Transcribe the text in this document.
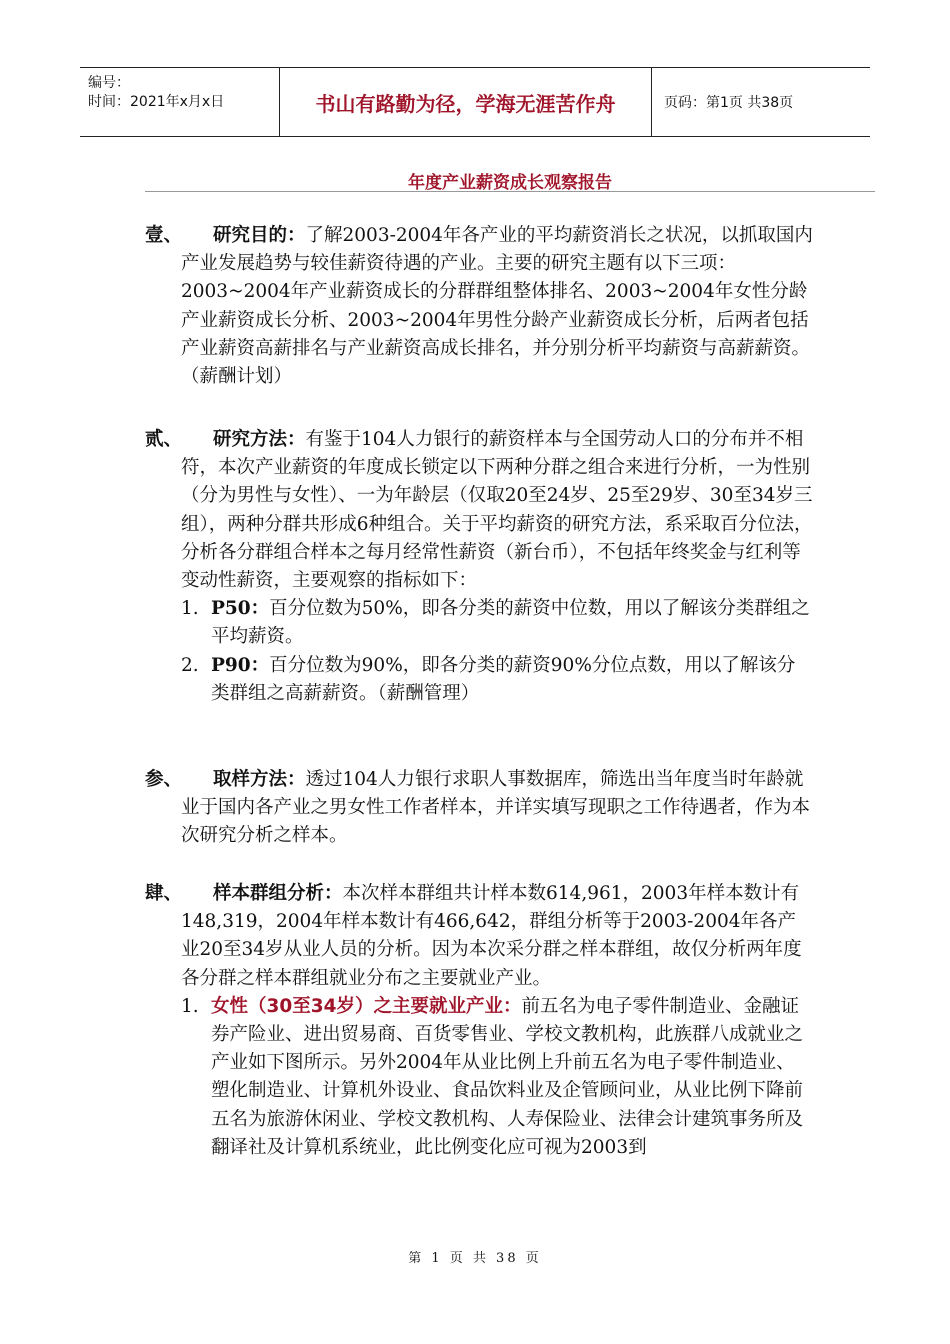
编号：
时间：2021年x月x日	书山有路勤为径，学海无涯苦作舟	页码：第1页 共38页
年度产业薪资成长观察报告
壹、	研究目的：了解2003-2004年各产业的平均薪资消长之状况，以抓取国内产业发展趋势与较佳薪资待遇的产业。主要的研究主题有以下三项：2003~2004年产业薪资成长的分群群组整体排名、2003~2004年女性分龄产业薪资成长分析、2003~2004年男性分龄产业薪资成长分析，后两者包括产业薪资高薪排名与产业薪资高成长排名，并分别分析平均薪资与高薪薪资。（薪酬计划）
贰、	研究方法：有鉴于104人力银行的薪资样本与全国劳动人口的分布并不相符，本次产业薪资的年度成长锁定以下两种分群之组合来进行分析，一为性别（分为男性与女性）、一为年龄层（仅取20至24岁、25至29岁、30至34岁三组），两种分群共形成6种组合。关于平均薪资的研究方法，系采取百分位法，分析各分群组合样本之每月经常性薪资（新台币），不包括年终奖金与红利等变动性薪资，主要观察的指标如下：
1. P50：百分位数为50%，即各分类的薪资中位数，用以了解该分类群组之平均薪资。
2. P90：百分位数为90%，即各分类的薪资90%分位点数，用以了解该分类群组之高薪薪资。（薪酬管理）
参、	取样方法：透过104人力银行求职人事数据库，筛选出当年度当时年龄就业于国内各产业之男女性工作者样本，并详实填写现职之工作待遇者，作为本次研究分析之样本。
肆、	样本群组分析：本次样本群组共计样本数614,961，2003年样本数计有148,319，2004年样本数计有466,642，群组分析等于2003-2004年各产业20至34岁从业人员的分析。因为本次采分群之样本群组，故仅分析两年度各分群之样本群组就业分布之主要就业产业。
1. 女性（30至34岁）之主要就业产业：前五名为电子零件制造业、金融证券产险业、进出贸易商、百货零售业、学校文教机构，此族群八成就业之产业如下图所示。另外2004年从业比例上升前五名为电子零件制造业、塑化制造业、计算机外设业、食品饮料业及企管顾问业，从业比例下降前五名为旅游休闲业、学校文教机构、人寿保险业、法律会计建筑事务所及翻译社及计算机系统业，此比例变化应可视为2003到
第 1 页 共 38 页
